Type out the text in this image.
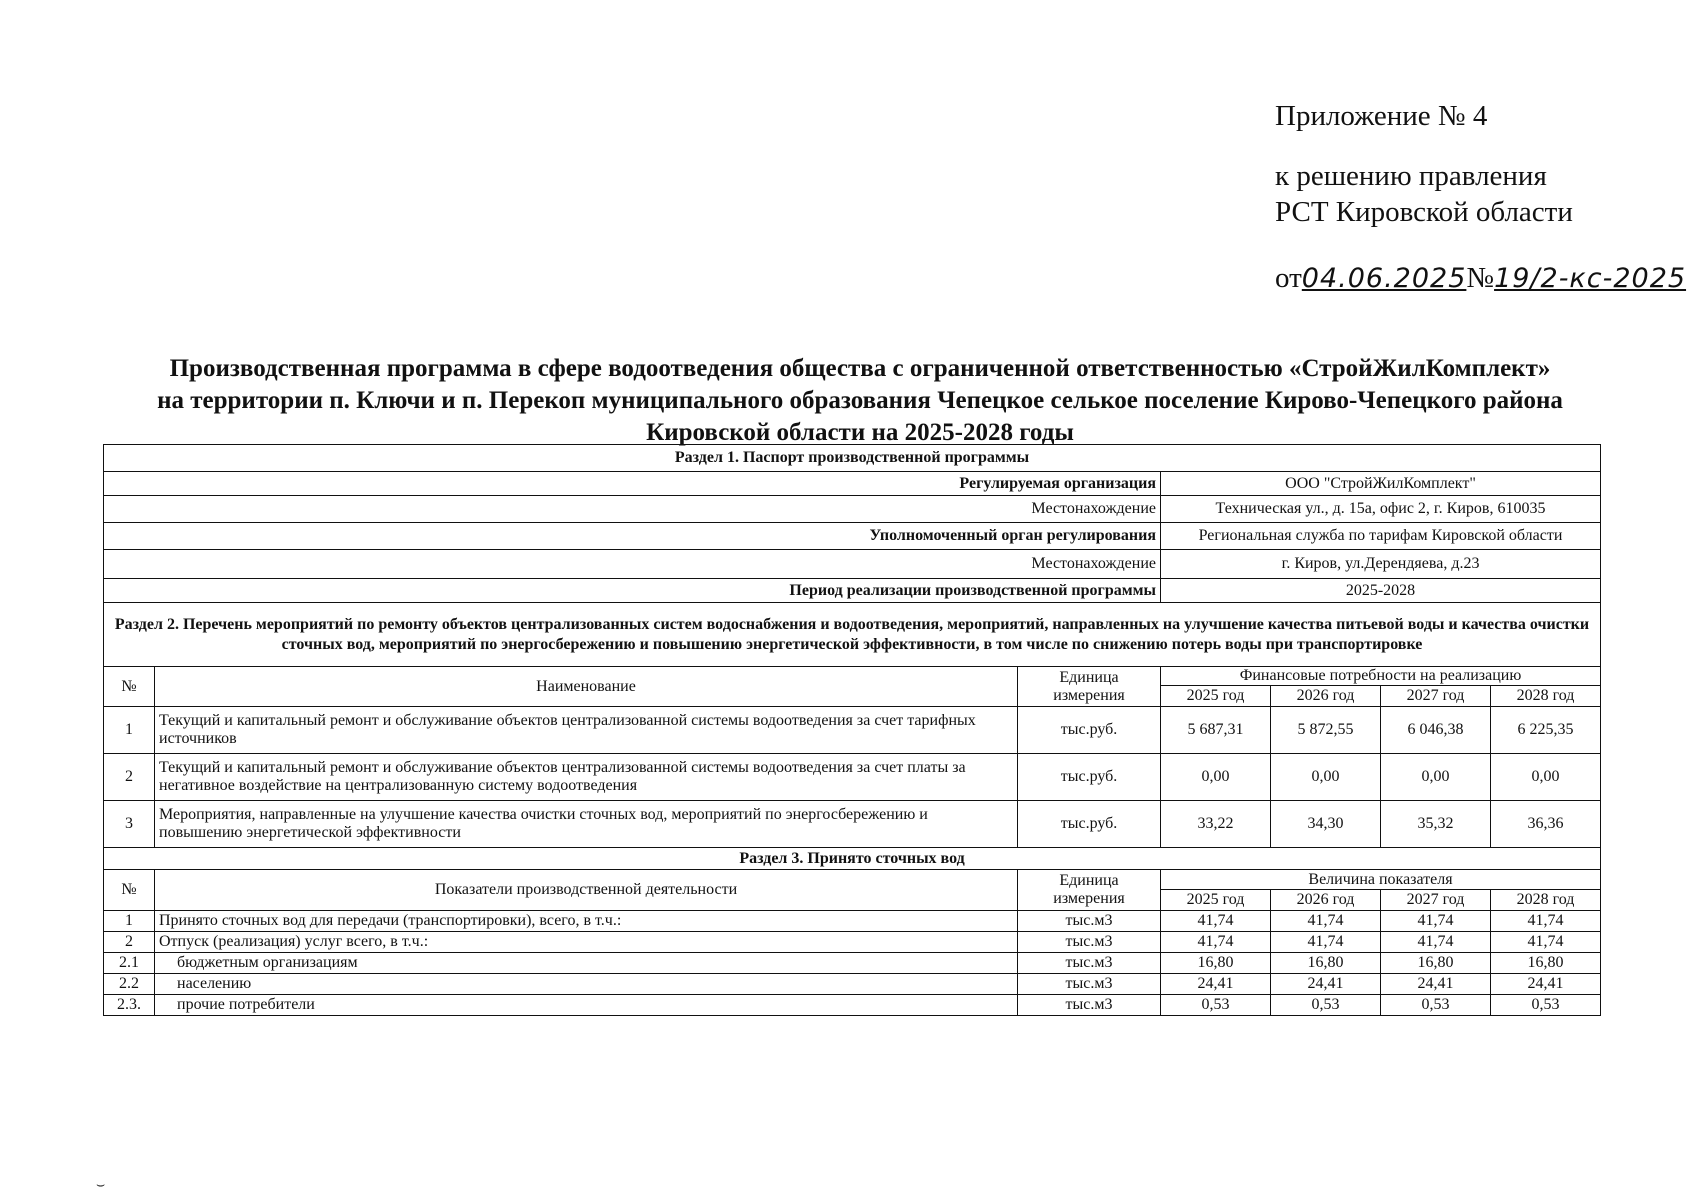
Приложение № 4
к решению правления
РСТ Кировской области
от04.06.2025№19/2-кс-2025
Производственная программа в сфере водоотведения общества с ограниченной ответственностью «СтройЖилКомплект»
на территории п. Ключи и п. Перекоп муниципального образования Чепецкое селькое поселение Кирово-Чепецкого района
Кировской области на 2025-2028 годы
Раздел 1. Паспорт производственной программы						
Регулируемая организация			ООО "СтройЖилКомплект"			
Местонахождение			Техническая ул., д. 15а, офис 2, г. Киров, 610035			
Уполномоченный орган регулирования			Региональная служба по тарифам Кировской области			
Местонахождение			г. Киров, ул.Дерендяева, д.23			
Период реализации производственной программы			2025-2028			
Раздел 2. Перечень мероприятий по ремонту объектов централизованных систем водоснабжения и водоотведения, мероприятий, направленных на улучшение качества питьевой воды и качества очистки сточных вод, мероприятий по энергосбережению и повышению энергетической эффективности, в том числе по снижению потерь воды при транспортировке						
№	Наименование	Единица измерения	Финансовые потребности на реализацию			
			2025 год	2026 год	2027 год	2028 год
1	Текущий и капитальный ремонт и обслуживание объектов централизованной системы водоотведения за счет тарифных источников	тыс.руб.	5 687,31	5 872,55	6 046,38	6 225,35
2	Текущий и капитальный ремонт и обслуживание объектов централизованной системы водоотведения за счет платы за негативное воздействие на централизованную систему водоотведения	тыс.руб.	0,00	0,00	0,00	0,00
3	Мероприятия, направленные на улучшение качества очистки сточных вод, мероприятий по энергосбережению и повышению энергетической эффективности	тыс.руб.	33,22	34,30	35,32	36,36
Раздел 3. Принято сточных вод						
№	Показатели производственной деятельности	Единица измерения	Величина показателя			
			2025 год	2026 год	2027 год	2028 год
1	Принято сточных вод для передачи (транспортировки), всего, в т.ч.:	тыс.м3	41,74	41,74	41,74	41,74
2	Отпуск (реализация) услуг всего, в т.ч.:	тыс.м3	41,74	41,74	41,74	41,74
2.1	бюджетным организациям	тыс.м3	16,80	16,80	16,80	16,80
2.2	населению	тыс.м3	24,41	24,41	24,41	24,41
2.3.	прочие потребители	тыс.м3	0,53	0,53	0,53	0,53
⌣
